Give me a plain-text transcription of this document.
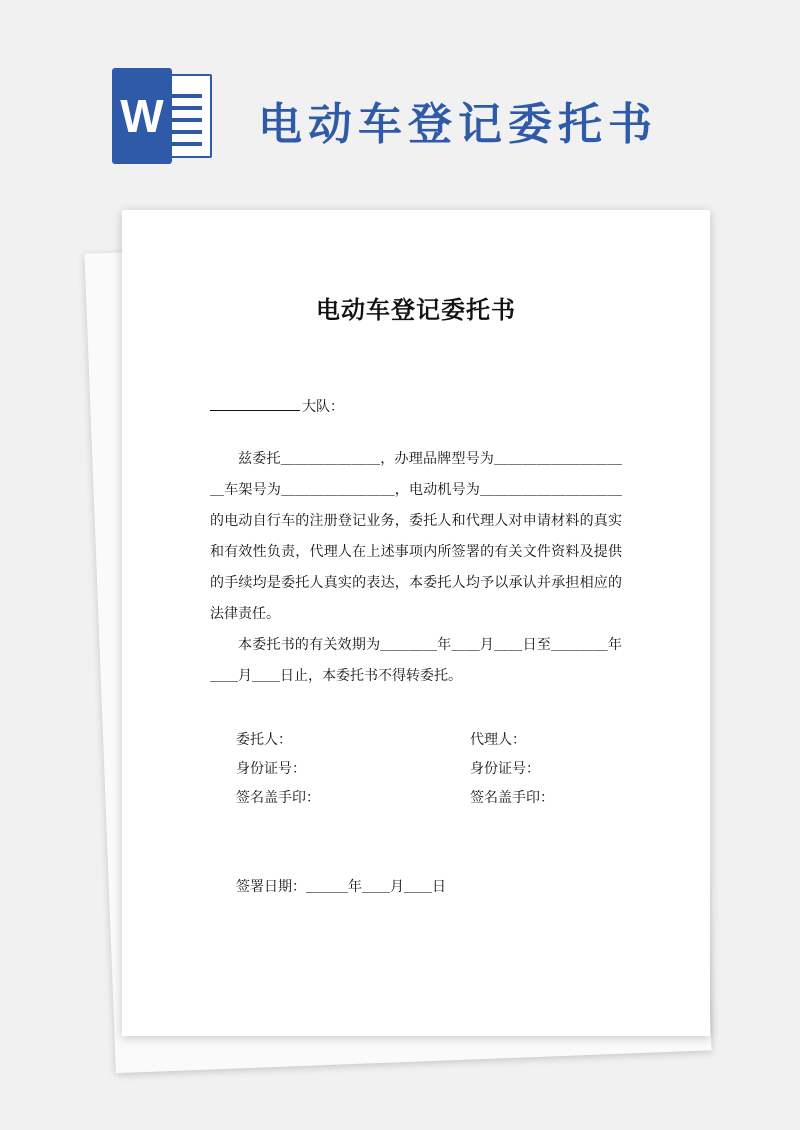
W 电动车登记委托书
电动车登记委托书
大队：

兹委托＿＿＿＿＿＿＿，办理品牌型号为＿＿＿＿＿＿＿＿＿＿车架号为＿＿＿＿＿＿＿＿，电动机号为＿＿＿＿＿＿＿＿＿＿的电动自行车的注册登记业务，委托人和代理人对申请材料的真实和有效性负责，代理人在上述事项内所签署的有关文件资料及提供的手续均是委托人真实的表达，本委托人均予以承认并承担相应的法律责任。

本委托书的有关效期为＿＿＿＿年＿＿月＿＿日至＿＿＿＿年＿＿月＿＿日止，本委托书不得转委托。

委托人：
身份证号：
签名盖手印：
代理人：
身份证号：
签名盖手印：
签署日期：＿＿＿年＿＿月＿＿日
